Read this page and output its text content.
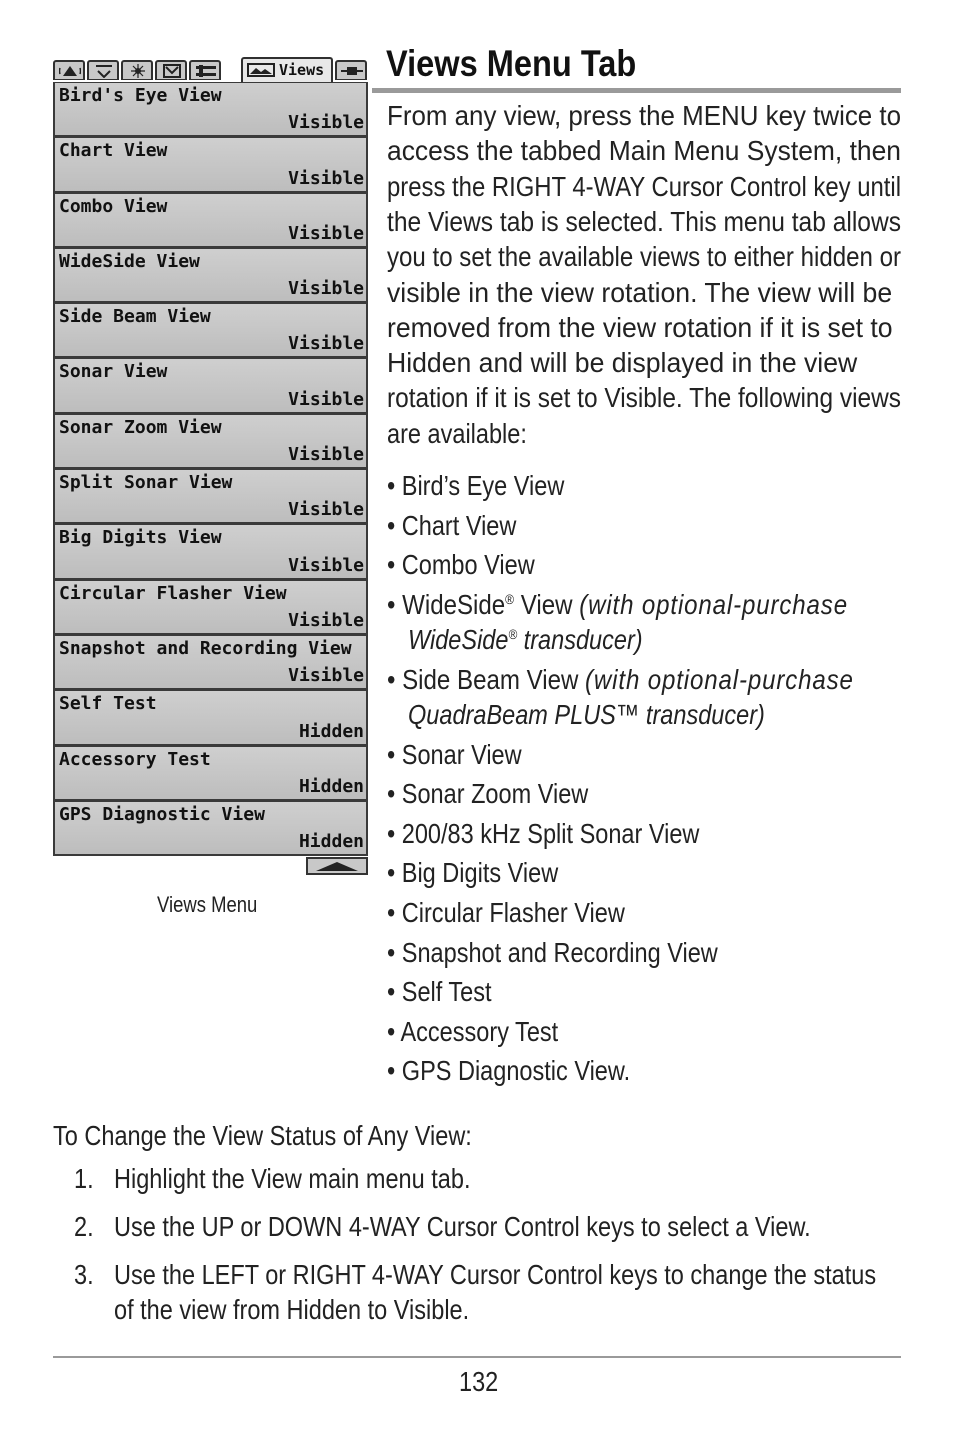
Views
Bird's Eye View
Visible
Chart View
Visible
Combo View
Visible
WideSide View
Visible
Side Beam View
Visible
Sonar View
Visible
Sonar Zoom View
Visible
Split Sonar View
Visible
Big Digits View
Visible
Circular Flasher View
Visible
Snapshot and Recording View
Visible
Self Test
Hidden
Accessory Test
Hidden
GPS Diagnostic View
Hidden
Views Menu
Views Menu Tab
From any view, press the MENU key twice to
access the tabbed Main Menu System, then
press the RIGHT 4-WAY Cursor Control key until
the Views tab is selected. This menu tab allows
you to set the available views to either hidden or
visible in the view rotation. The view will be
removed from the view rotation if it is set to
Hidden and will be displayed in the view
rotation if it is set to Visible. The following views
are available:
• Bird’s Eye View
• Chart View
• Combo View
• WideSide® View (with optional-purchase
WideSide® transducer)
• Side Beam View (with optional-purchase
QuadraBeam PLUS™ transducer)
• Sonar View
• Sonar Zoom View
• 200/83 kHz Split Sonar View
• Big Digits View
• Circular Flasher View
• Snapshot and Recording View
• Self Test
• Accessory Test
• GPS Diagnostic View.
To Change the View Status of Any View:
1. Highlight the View main menu tab.
2. Use the UP or DOWN 4-WAY Cursor Control keys to select a View.
3. Use the LEFT or RIGHT 4-WAY Cursor Control keys to change the status
of the view from Hidden to Visible.
132
